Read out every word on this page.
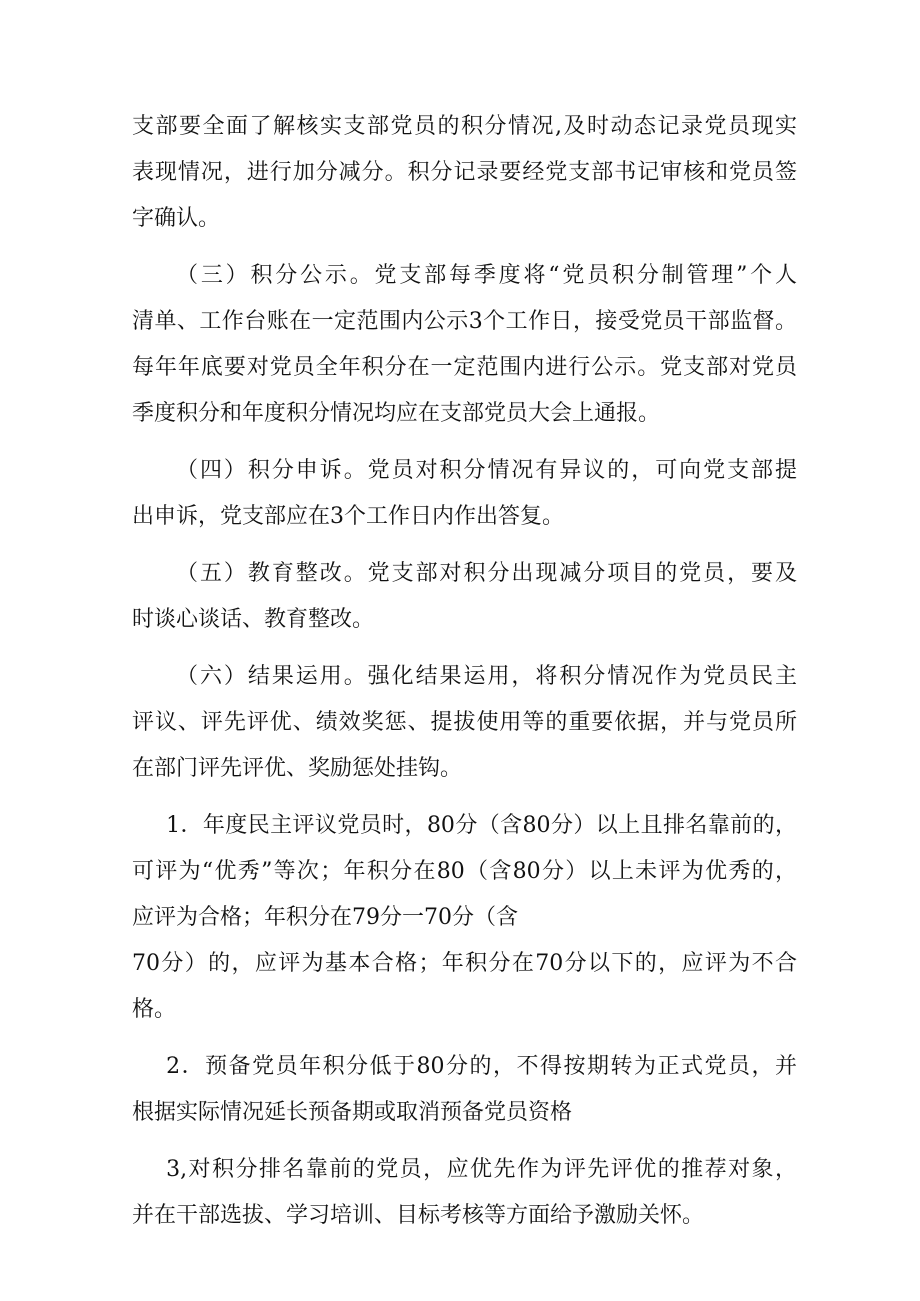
支部要全面了解核实支部党员的积分情况,及时动态记录党员现实
表现情况，进行加分减分。积分记录要经党支部书记审核和党员签
字确认。
（三）积分公示。党支部每季度将“党员积分制管理”个人
清单、工作台账在一定范围内公示3个工作日，接受党员干部监督。
每年年底要对党员全年积分在一定范围内进行公示。党支部对党员
季度积分和年度积分情况均应在支部党员大会上通报。
（四）积分申诉。党员对积分情况有异议的，可向党支部提
出申诉，党支部应在3个工作日内作出答复。
（五）教育整改。党支部对积分出现减分项目的党员，要及
时谈心谈话、教育整改。
（六）结果运用。强化结果运用，将积分情况作为党员民主
评议、评先评优、绩效奖惩、提拔使用等的重要依据，并与党员所
在部门评先评优、奖励惩处挂钩。
1．年度民主评议党员时，80分（含80分）以上且排名靠前的，
可评为“优秀”等次；年积分在80（含80分）以上未评为优秀的，
应评为合格；年积分在79分一70分（含
70分）的，应评为基本合格；年积分在70分以下的，应评为不合
格。
2．预备党员年积分低于80分的，不得按期转为正式党员，并
根据实际情况延长预备期或取消预备党员资格
3,对积分排名靠前的党员，应优先作为评先评优的推荐对象，
并在干部选拔、学习培训、目标考核等方面给予激励关怀。
